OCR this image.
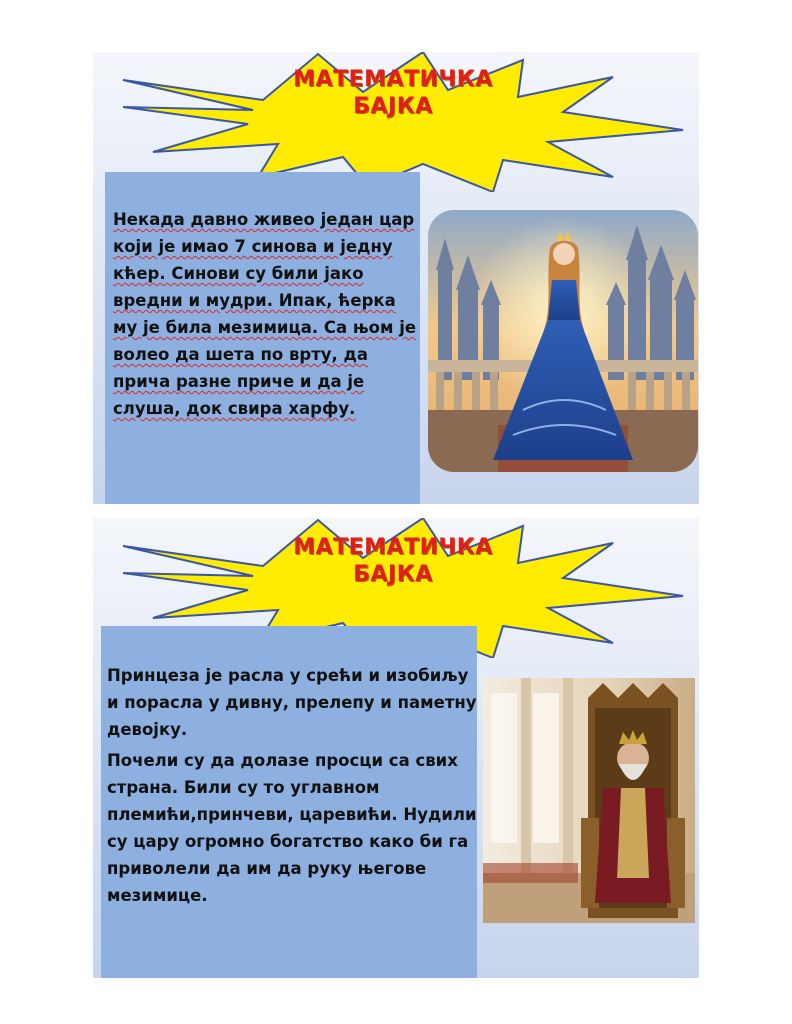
МАТЕМАТИЧКА
БАЈКА

Некада давно живео један цар који је имао 7 синова и једну кћер. Синови су били јако

вредни и мудри. Ипак, ћерка му је била мезимица. Са њом је волео да шета по врту, да прича разне приче и да је слуша, док свира харфу.

МАТЕМАТИЧКА
БАЈКА

Принцеза је расла у срећи и изобиљу и порасла у дивну, прелепу и паметну девојку.

Почели су да долазе просци са свих страна. Били су то углавном племићи,принчеви, царевићи. Нудили су цару огромно богатство како би га приволели да им да руку његове мезимице.
